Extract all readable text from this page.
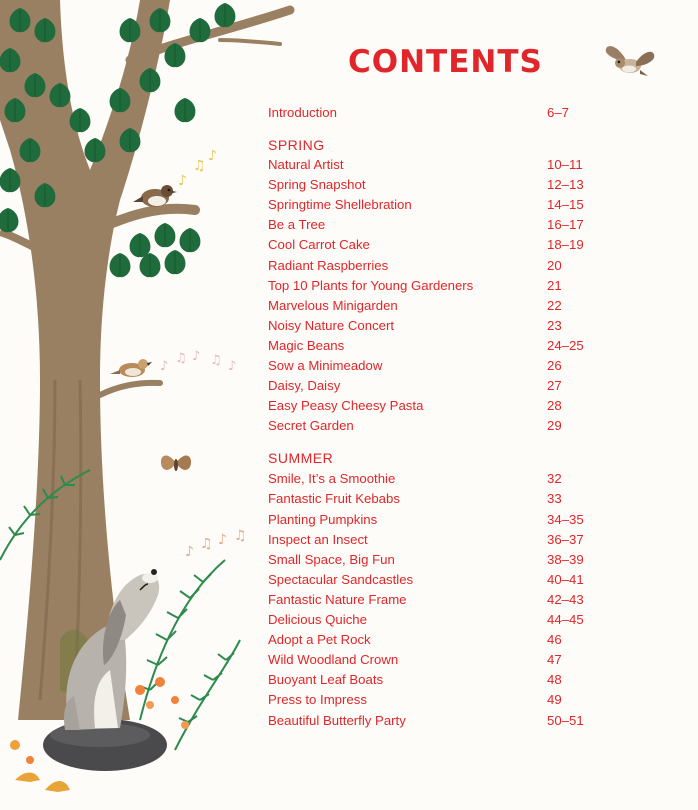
♪
♫
♪
♪
♫ ♪ ♫ ♪
♪ ♫ ♪ ♫
CONTENTS
Introduction	6–7
SPRING
Natural Artist	10–11
Spring Snapshot	12–13
Springtime Shellebration	14–15
Be a Tree	16–17
Cool Carrot Cake	18–19
Radiant Raspberries	20
Top 10 Plants for Young Gardeners	21
Marvelous Minigarden	22
Noisy Nature Concert	23
Magic Beans	24–25
Sow a Minimeadow	26
Daisy, Daisy	27
Easy Peasy Cheesy Pasta	28
Secret Garden	29
SUMMER
Smile, It’s a Smoothie	32
Fantastic Fruit Kebabs	33
Planting Pumpkins	34–35
Inspect an Insect	36–37
Small Space, Big Fun	38–39
Spectacular Sandcastles	40–41
Fantastic Nature Frame	42–43
Delicious Quiche	44–45
Adopt a Pet Rock	46
Wild Woodland Crown	47
Buoyant Leaf Boats	48
Press to Impress	49
Beautiful Butterfly Party	50–51
